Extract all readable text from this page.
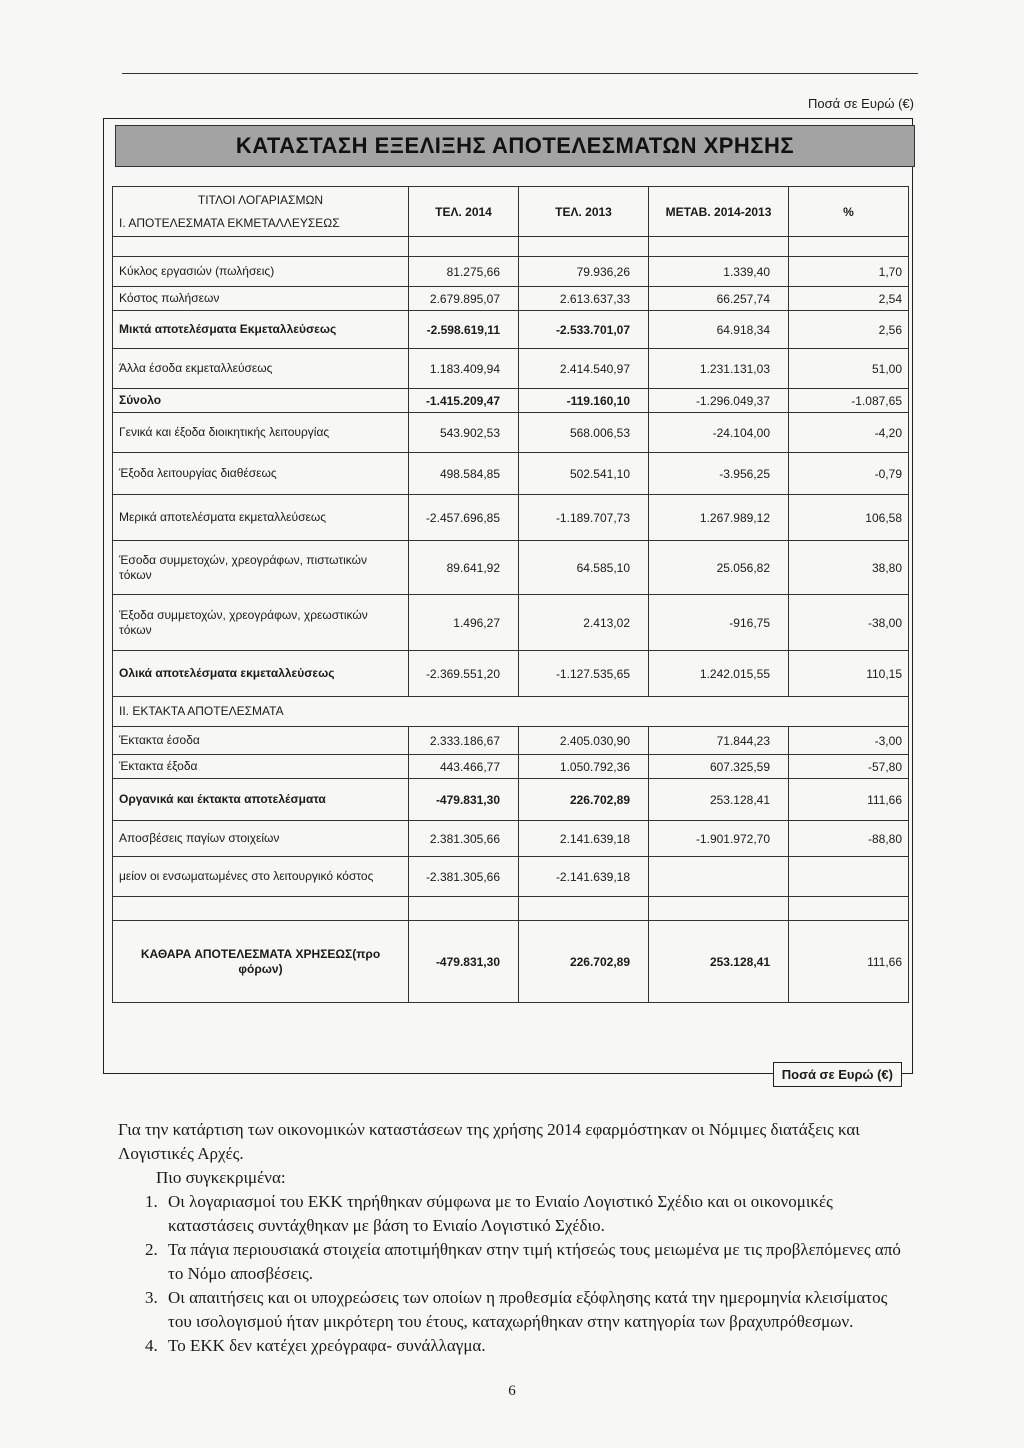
Ποσά σε Ευρώ (€)
ΚΑΤΑΣΤΑΣΗ ΕΞΕΛΙΞΗΣ ΑΠΟΤΕΛΕΣΜΑΤΩΝ ΧΡΗΣΗΣ
ΤΙΤΛΟΙ ΛΟΓΑΡΙΑΣΜΩΝ
Ι. ΑΠΟΤΕΛΕΣΜΑΤΑ ΕΚΜΕΤΑΛΛΕΥΣΕΩΣ	ΤΕΛ. 2014	ΤΕΛ. 2013	ΜΕΤΑΒ. 2014-2013	%

Κύκλος εργασιών (πωλήσεις)	81.275,66	79.936,26	1.339,40	1,70
Κόστος πωλήσεων	2.679.895,07	2.613.637,33	66.257,74	2,54
Μικτά αποτελέσματα Εκμεταλλεύσεως	-2.598.619,11	-2.533.701,07	64.918,34	2,56
Άλλα έσοδα εκμεταλλεύσεως	1.183.409,94	2.414.540,97	1.231.131,03	51,00
Σύνολο	-1.415.209,47	-119.160,10	-1.296.049,37	-1.087,65
Γενικά και έξοδα διοικητικής λειτουργίας	543.902,53	568.006,53	-24.104,00	-4,20
Έξοδα λειτουργίας διαθέσεως	498.584,85	502.541,10	-3.956,25	-0,79
Μερικά αποτελέσματα εκμεταλλεύσεως	-2.457.696,85	-1.189.707,73	1.267.989,12	106,58
Έσοδα συμμετοχών, χρεογράφων, πιστωτικών τόκων	89.641,92	64.585,10	25.056,82	38,80
Έξοδα συμμετοχών, χρεογράφων, χρεωστικών τόκων	1.496,27	2.413,02	-916,75	-38,00
Ολικά αποτελέσματα εκμεταλλεύσεως	-2.369.551,20	-1.127.535,65	1.242.015,55	110,15
ΙΙ. ΕΚΤΑΚΤΑ ΑΠΟΤΕΛΕΣΜΑΤΑ				
Έκτακτα έσοδα	2.333.186,67	2.405.030,90	71.844,23	-3,00
Έκτακτα έξοδα	443.466,77	1.050.792,36	607.325,59	-57,80
Οργανικά και έκτακτα αποτελέσματα	-479.831,30	226.702,89	253.128,41	111,66
Αποσβέσεις παγίων στοιχείων	2.381.305,66	2.141.639,18	-1.901.972,70	-88,80
μείον οι ενσωματωμένες στο λειτουργικό κόστος	-2.381.305,66	-2.141.639,18		

ΚΑΘΑΡΑ ΑΠΟΤΕΛΕΣΜΑΤΑ ΧΡΗΣΕΩΣ(προ φόρων)	-479.831,30	226.702,89	253.128,41	111,66
Ποσά σε Ευρώ (€)

Για την κατάρτιση των οικονομικών καταστάσεων της χρήσης 2014 εφαρμόστηκαν οι Νόμιμες διατάξεις και Λογιστικές Αρχές.

Πιο συγκεκριμένα:

1. Οι λογαριασμοί του ΕΚΚ τηρήθηκαν σύμφωνα με το Ενιαίο Λογιστικό Σχέδιο και οι οικονομικές καταστάσεις συντάχθηκαν με βάση το Ενιαίο Λογιστικό Σχέδιο.
2. Τα πάγια περιουσιακά στοιχεία αποτιμήθηκαν στην τιμή κτήσεώς τους μειωμένα με τις προβλεπόμενες από το Νόμο αποσβέσεις.
3. Οι απαιτήσεις και οι υποχρεώσεις των οποίων η προθεσμία εξόφλησης κατά την ημερομηνία κλεισίματος του ισολογισμού ήταν μικρότερη του έτους, καταχωρήθηκαν στην κατηγορία των βραχυπρόθεσμων.
4. Το ΕΚΚ δεν κατέχει χρεόγραφα- συνάλλαγμα.
6
